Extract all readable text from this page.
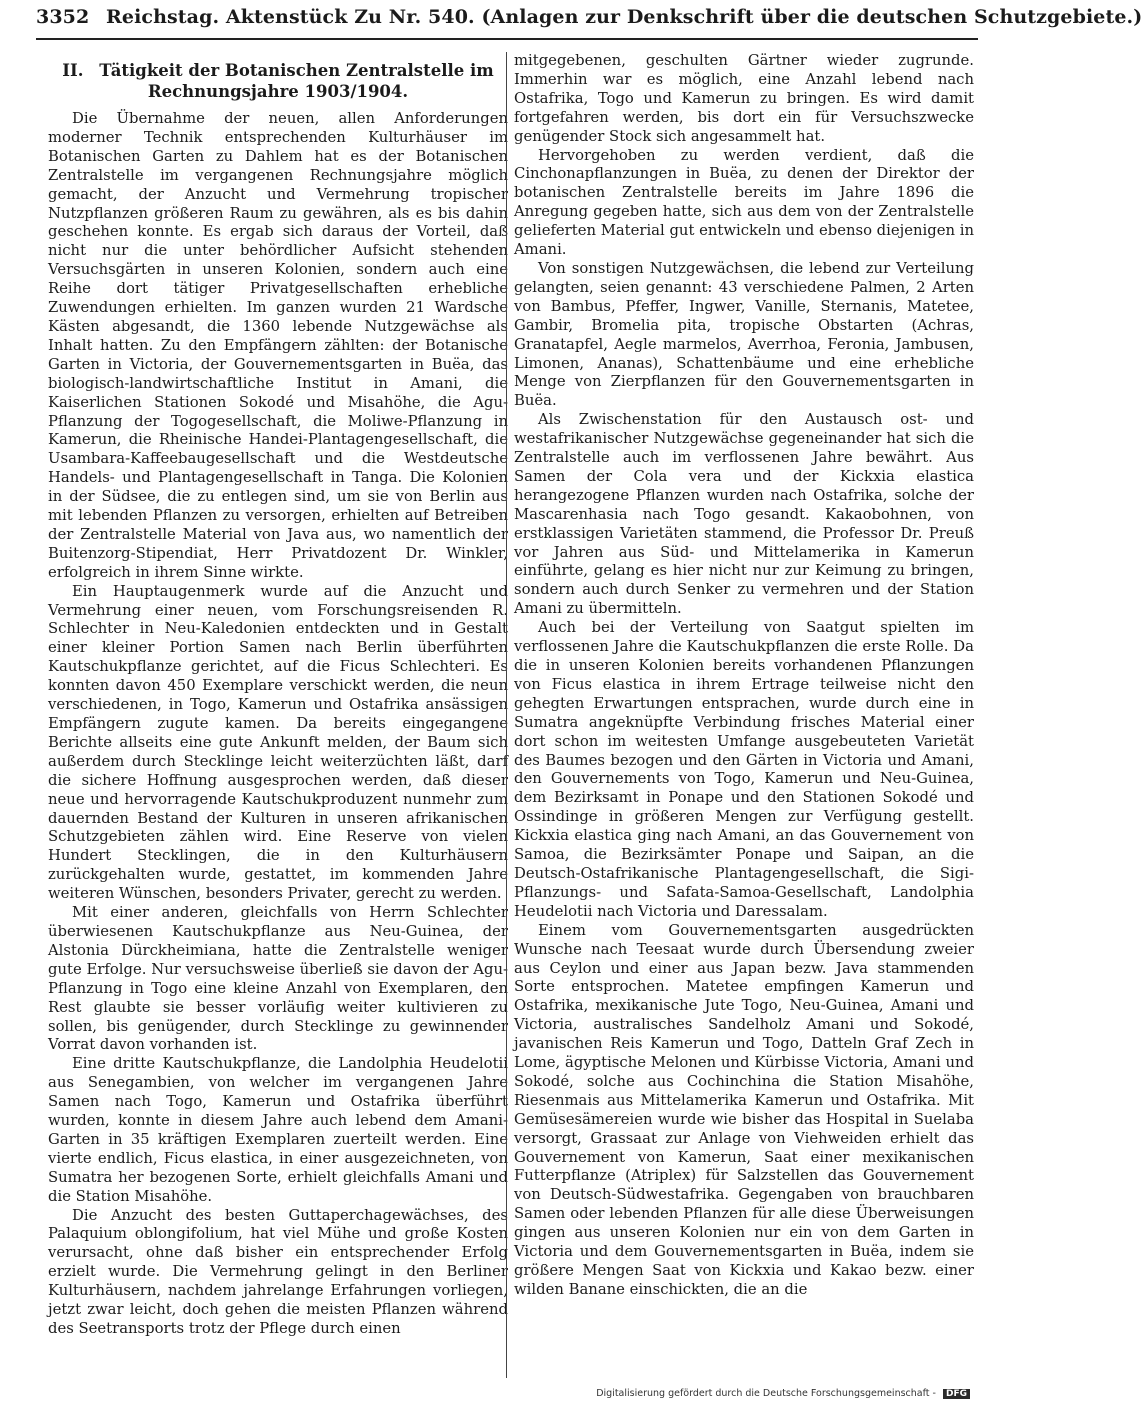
3352 Reichstag. Aktenstück Zu Nr. 540. (Anlagen zur Denkschrift über die deutschen Schutzgebiete.)
II. Tätigkeit der Botanischen Zentralstelle im
Rechnungsjahre 1903/1904.

Die Übernahme der neuen, allen Anforderungen moderner Technik entsprechenden Kulturhäuser im Botanischen Garten zu Dahlem hat es der Botanischen Zentralstelle im vergangenen Rechnungsjahre möglich gemacht, der Anzucht und Vermehrung tropischer Nutzpflanzen größeren Raum zu gewähren, als es bis dahin geschehen konnte. Es ergab sich daraus der Vorteil, daß nicht nur die unter behördlicher Aufsicht stehenden Versuchsgärten in unseren Kolonien, sondern auch eine Reihe dort tätiger Privatgesellschaften erhebliche Zuwendungen erhielten. Im ganzen wurden 21 Wardsche Kästen abgesandt, die 1360 lebende Nutzgewächse als Inhalt hatten. Zu den Empfängern zählten: der Botanische Garten in Victoria, der Gouvernementsgarten in Buëa, das biologisch-landwirtschaftliche Institut in Amani, die Kaiserlichen Stationen Sokodé und Misahöhe, die Agu-Pflanzung der Togogesellschaft, die Moliwe-Pflanzung in Kamerun, die Rheinische Handei-Plantagengesellschaft, die Usambara-Kaffeebaugesellschaft und die Westdeutsche Handels- und Plantagengesellschaft in Tanga. Die Kolonien in der Südsee, die zu entlegen sind, um sie von Berlin aus mit lebenden Pflanzen zu versorgen, erhielten auf Betreiben der Zentralstelle Material von Java aus, wo namentlich der Buitenzorg-Stipendiat, Herr Privatdozent Dr. Winkler, erfolgreich in ihrem Sinne wirkte.

Ein Hauptaugenmerk wurde auf die Anzucht und Vermehrung einer neuen, vom Forschungsreisenden R. Schlechter in Neu-Kaledonien entdeckten und in Gestalt einer kleiner Portion Samen nach Berlin überführten Kautschukpflanze gerichtet, auf die Ficus Schlechteri. Es konnten davon 450 Exemplare verschickt werden, die neun verschiedenen, in Togo, Kamerun und Ostafrika ansässigen Empfängern zugute kamen. Da bereits eingegangene Berichte allseits eine gute Ankunft melden, der Baum sich außerdem durch Stecklinge leicht weiterzüchten läßt, darf die sichere Hoffnung ausgesprochen werden, daß dieser neue und hervorragende Kautschukproduzent nunmehr zum dauernden Bestand der Kulturen in unseren afrikanischen Schutzgebieten zählen wird. Eine Reserve von vielen Hundert Stecklingen, die in den Kulturhäusern zurückgehalten wurde, gestattet, im kommenden Jahre weiteren Wünschen, besonders Privater, gerecht zu werden.

Mit einer anderen, gleichfalls von Herrn Schlechter überwiesenen Kautschukpflanze aus Neu-Guinea, der Alstonia Dürckheimiana, hatte die Zentralstelle weniger gute Erfolge. Nur versuchsweise überließ sie davon der Agu-Pflanzung in Togo eine kleine Anzahl von Exemplaren, den Rest glaubte sie besser vorläufig weiter kultivieren zu sollen, bis genügender, durch Stecklinge zu gewinnender Vorrat davon vorhanden ist.

Eine dritte Kautschukpflanze, die Landolphia Heudelotii aus Senegambien, von welcher im vergangenen Jahre Samen nach Togo, Kamerun und Ostafrika überführt wurden, konnte in diesem Jahre auch lebend dem Amani-Garten in 35 kräftigen Exemplaren zuerteilt werden. Eine vierte endlich, Ficus elastica, in einer ausgezeichneten, von Sumatra her bezogenen Sorte, erhielt gleichfalls Amani und die Station Misahöhe.

Die Anzucht des besten Guttaperchagewächses, des Palaquium oblongifolium, hat viel Mühe und große Kosten verursacht, ohne daß bisher ein entsprechender Erfolg erzielt wurde. Die Vermehrung gelingt in den Berliner Kulturhäusern, nachdem jahrelange Erfahrungen vorliegen, jetzt zwar leicht, doch gehen die meisten Pflanzen während des Seetransports trotz der Pflege durch einen

mitgegebenen, geschulten Gärtner wieder zugrunde. Immerhin war es möglich, eine Anzahl lebend nach Ostafrika, Togo und Kamerun zu bringen. Es wird damit fortgefahren werden, bis dort ein für Versuchszwecke genügender Stock sich angesammelt hat.

Hervorgehoben zu werden verdient, daß die Cinchonapflanzungen in Buëa, zu denen der Direktor der botanischen Zentralstelle bereits im Jahre 1896 die Anregung gegeben hatte, sich aus dem von der Zentralstelle gelieferten Material gut entwickeln und ebenso diejenigen in Amani.

Von sonstigen Nutzgewächsen, die lebend zur Verteilung gelangten, seien genannt: 43 verschiedene Palmen, 2 Arten von Bambus, Pfeffer, Ingwer, Vanille, Sternanis, Matetee, Gambir, Bromelia pita, tropische Obstarten (Achras, Granatapfel, Aegle marmelos, Averrhoa, Feronia, Jambusen, Limonen, Ananas), Schattenbäume und eine erhebliche Menge von Zierpflanzen für den Gouvernementsgarten in Buëa.

Als Zwischenstation für den Austausch ost- und westafrikanischer Nutzgewächse gegeneinander hat sich die Zentralstelle auch im verflossenen Jahre bewährt. Aus Samen der Cola vera und der Kickxia elastica herangezogene Pflanzen wurden nach Ostafrika, solche der Mascarenhasia nach Togo gesandt. Kakaobohnen, von erstklassigen Varietäten stammend, die Professor Dr. Preuß vor Jahren aus Süd- und Mittelamerika in Kamerun einführte, gelang es hier nicht nur zur Keimung zu bringen, sondern auch durch Senker zu vermehren und der Station Amani zu übermitteln.

Auch bei der Verteilung von Saatgut spielten im verflossenen Jahre die Kautschukpflanzen die erste Rolle. Da die in unseren Kolonien bereits vorhandenen Pflanzungen von Ficus elastica in ihrem Ertrage teilweise nicht den gehegten Erwartungen entsprachen, wurde durch eine in Sumatra angeknüpfte Verbindung frisches Material einer dort schon im weitesten Umfange ausgebeuteten Varietät des Baumes bezogen und den Gärten in Victoria und Amani, den Gouvernements von Togo, Kamerun und Neu-Guinea, dem Bezirksamt in Ponape und den Stationen Sokodé und Ossindinge in größeren Mengen zur Verfügung gestellt. Kickxia elastica ging nach Amani, an das Gouvernement von Samoa, die Bezirksämter Ponape und Saipan, an die Deutsch-Ostafrikanische Plantagengesellschaft, die Sigi-Pflanzungs- und Safata-Samoa-Gesellschaft, Landolphia Heudelotii nach Victoria und Daressalam.

Einem vom Gouvernementsgarten ausgedrückten Wunsche nach Teesaat wurde durch Übersendung zweier aus Ceylon und einer aus Japan bezw. Java stammenden Sorte entsprochen. Matetee empfingen Kamerun und Ostafrika, mexikanische Jute Togo, Neu-Guinea, Amani und Victoria, australisches Sandelholz Amani und Sokodé, javanischen Reis Kamerun und Togo, Datteln Graf Zech in Lome, ägyptische Melonen und Kürbisse Victoria, Amani und Sokodé, solche aus Cochinchina die Station Misahöhe, Riesenmais aus Mittelamerika Kamerun und Ostafrika. Mit Gemüsesämereien wurde wie bisher das Hospital in Suelaba versorgt, Grassaat zur Anlage von Viehweiden erhielt das Gouvernement von Kamerun, Saat einer mexikanischen Futterpflanze (Atriplex) für Salzstellen das Gouvernement von Deutsch-Südwestafrika. Gegengaben von brauchbaren Samen oder lebenden Pflanzen für alle diese Überweisungen gingen aus unseren Kolonien nur ein von dem Garten in Victoria und dem Gouvernementsgarten in Buëa, indem sie größere Mengen Saat von Kickxia und Kakao bezw. einer wilden Banane einschickten, die an die

Digitalisierung gefördert durch die Deutsche Forschungsgemeinschaft - DFG
